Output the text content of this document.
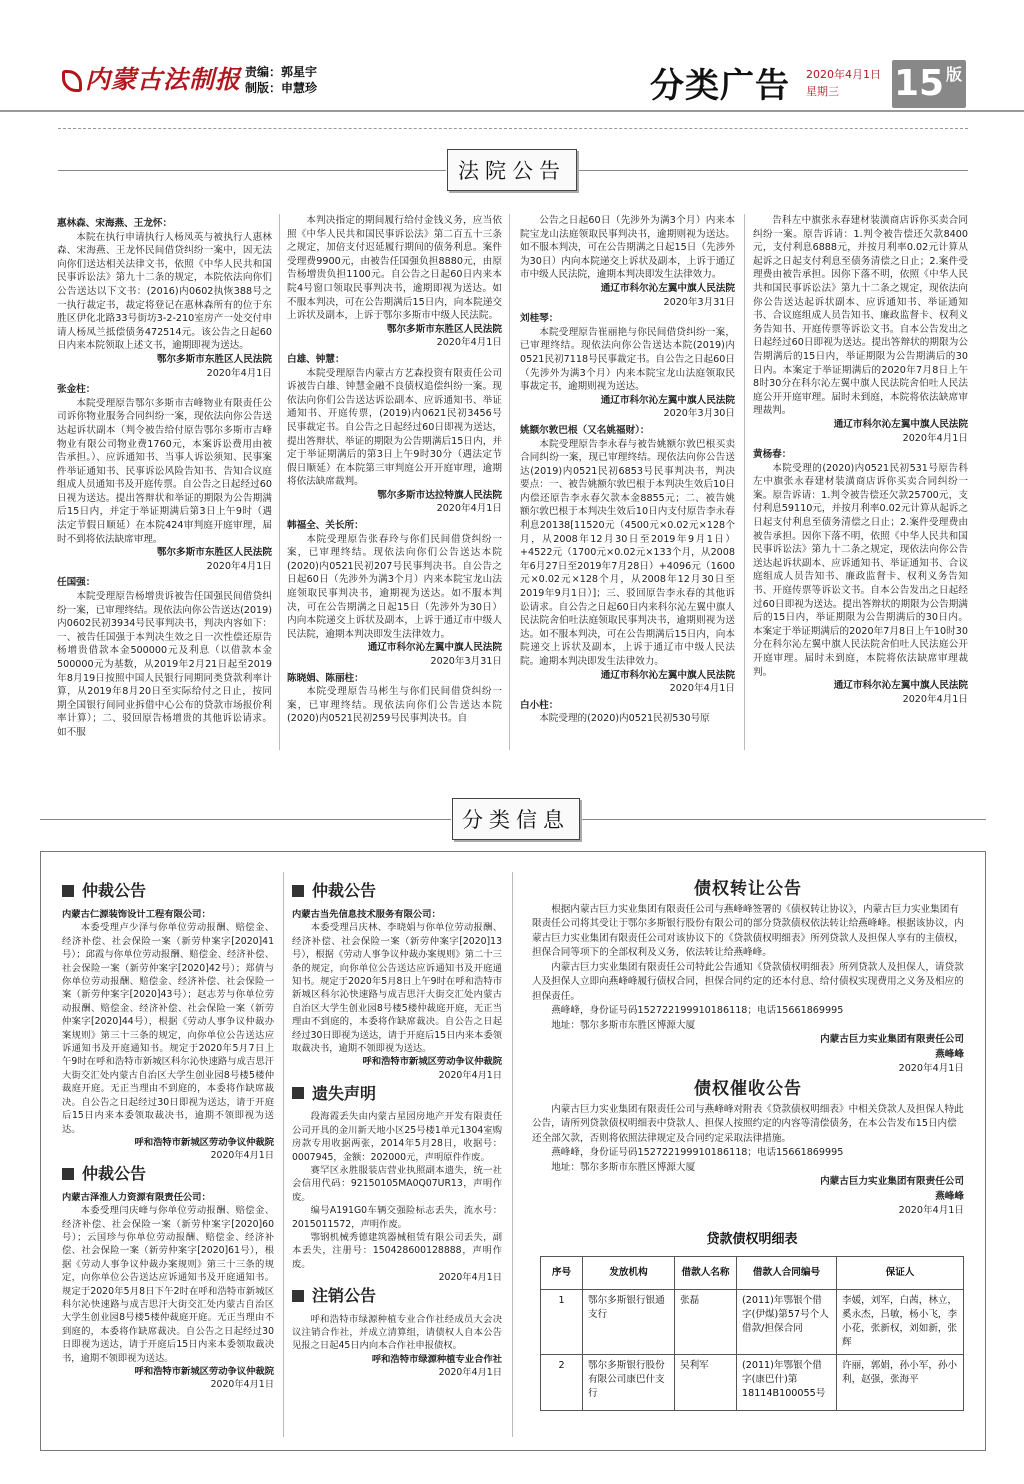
内蒙古法制报 责编：郭星宇
制版：申慧珍	分类广告 2020年4月1日
星期三	15 版
法院公告
惠林森、宋海燕、王龙怀：
本院在执行申请执行人杨凤英与被执行人惠林森、宋海燕、王龙怀民间借贷纠纷一案中，因无法向你们送达相关法律文书，依照《中华人民共和国民事诉讼法》第九十二条的规定，本院依法向你们公告送达以下文书：(2016)内0602执恢388号之一执行裁定书，裁定将登记在惠林森所有的位于东胜区伊化北路33号街坊3-2-210室房产一处交付申请人杨凤兰抵偿债务472514元。该公告之日起60日内来本院领取上述文书，逾期即视为送达。
鄂尔多斯市东胜区人民法院
2020年4月1日
张金柱：
本院受理原告鄂尔多斯市吉峰物业有限责任公司诉你物业服务合同纠纷一案，现依法向你公告送达起诉状副本（判令被告给付原告鄂尔多斯市吉峰物业有限公司物业费1760元，本案诉讼费用由被告承担。）、应诉通知书、当事人诉讼须知、民事案件举证通知书、民事诉讼风险告知书、告知合议庭组成人员通知书及开庭传票。自公告之日起经过60日视为送达。提出答辩状和举证的期限为公告期满后15日内，并定于举证期满后第3日上午9时（遇法定节假日顺延）在本院424审判庭开庭审理，届时不到将依法缺席审理。
鄂尔多斯市东胜区人民法院
2020年4月1日
任国强：
本院受理原告杨增贵诉被告任国强民间借贷纠纷一案，已审理终结。现依法向你公告送达(2019)内0602民初3934号民事判决书，判决内容如下：一、被告任国强于本判决生效之日一次性偿还原告杨增贵借款本金500000元及利息（以借款本金500000元为基数，从2019年2月21日起至2019年8月19日按照中国人民银行同期同类贷款利率计算，从2019年8月20日至实际给付之日止，按同期全国银行间同业拆借中心公布的贷款市场报价利率计算）；二、驳回原告杨增贵的其他诉讼请求。如不服
本判决指定的期间履行给付金钱义务，应当依照《中华人民共和国民事诉讼法》第二百五十三条之规定，加倍支付迟延履行期间的债务利息。案件受理费9900元，由被告任国强负担8880元，由原告杨增贵负担1100元。自公告之日起60日内来本院4号窗口领取民事判决书，逾期即视为送达。如不服本判决，可在公告期满后15日内，向本院递交上诉状及副本，上诉于鄂尔多斯市中级人民法院。
鄂尔多斯市东胜区人民法院
2020年4月1日
白雄、钟慧：
本院受理原告内蒙古方艺森投资有限责任公司诉被告白雄、钟慧金融不良债权追偿纠纷一案。现依法向你们公告送达诉讼副本、应诉通知书、举证通知书、开庭传票，(2019)内0621民初3456号民事裁定书。自公告之日起经过60日即视为送达，提出答辩状、举证的期限为公告期满后15日内，并定于举证期满后的第3日上午9时30分（遇法定节假日顺延）在本院第三审判庭公开开庭审理，逾期将依法缺席裁判。
鄂尔多斯市达拉特旗人民法院
2020年4月1日
韩福全、关长所：
本院受理原告张春玲与你们民间借贷纠纷一案，已审理终结。现依法向你们公告送达本院(2020)内0521民初207号民事判决书。自公告之日起60日（先涉外为满3个月）内来本院宝龙山法庭领取民事判决书，逾期视为送达。如不服本判决，可在公告期满之日起15日（先涉外为30日）内向本院递交上诉状及副本，上诉于通辽市中级人民法院，逾期本判决即发生法律效力。
通辽市科尔沁左翼中旗人民法院
2020年3月31日
陈晓娟、陈丽柱：
本院受理原告马彬生与你们民间借贷纠纷一案，已审理终结。现依法向你们公告送达本院(2020)内0521民初259号民事判决书。自
公告之日起60日（先涉外为满3个月）内来本院宝龙山法庭领取民事判决书，逾期则视为送达。如不服本判决，可在公告期满之日起15日（先涉外为30日）内向本院递交上诉状及副本，上诉于通辽市中级人民法院，逾期本判决即发生法律效力。
通辽市科尔沁左翼中旗人民法院
2020年3月31日
刘桂琴：
本院受理原告崔丽艳与你民间借贷纠纷一案，已审理终结。现依法向你公告送达本院(2019)内0521民初7118号民事裁定书。自公告之日起60日（先涉外为满3个月）内来本院宝龙山法庭领取民事裁定书，逾期则视为送达。
通辽市科尔沁左翼中旗人民法院
2020年3月30日
姚额尔敦巴根（又名姚福财）：
本院受理原告李永春与被告姚额尔敦巴根买卖合同纠纷一案，现已审理终结。现依法向你公告送达(2019)内0521民初6853号民事判决书，判决要点：一、被告姚额尔敦巴根于本判决生效后10日内偿还原告李永春欠款本金8855元；二、被告姚额尔敦巴根于本判决生效后10日内支付原告李永春利息20138[11520元（4500元×0.02元×128个月，从2008年12月30日至2019年9月1日）+4522元（1700元×0.02元×133个月，从2008年6月27日至2019年7月28日）+4096元（1600元×0.02元×128个月，从2008年12月30日至2019年9月1日）]；三、驳回原告李永春的其他诉讼请求。自公告之日起60日内来科尔沁左翼中旗人民法院舍伯吐法庭领取民事判决书，逾期则视为送达。如不服本判决，可在公告期满后15日内，向本院递交上诉状及副本，上诉于通辽市中级人民法院。逾期本判决即发生法律效力。
通辽市科尔沁左翼中旗人民法院
2020年4月1日
白小柱：
本院受理的(2020)内0521民初530号原
告科左中旗张永春建材装潢商店诉你买卖合同纠纷一案。原告诉请：1.判令被告偿还欠款8400元，支付利息6888元，并按月利率0.02元计算从起诉之日起支付利息至债务清偿之日止；2.案件受理费由被告承担。因你下落不明，依照《中华人民共和国民事诉讼法》第九十二条之规定，现依法向你公告送达起诉状副本、应诉通知书、举证通知书、合议庭组成人员告知书、廉政监督卡、权利义务告知书、开庭传票等诉讼文书。自本公告发出之日起经过60日即视为送达。提出答辩状的期限为公告期满后的15日内，举证期限为公告期满后的30日内。本案定于举证期满后的2020年7月8日上午8时30分在科尔沁左翼中旗人民法院舍伯吐人民法庭公开开庭审理。届时未到庭，本院将依法缺席审理裁判。
通辽市科尔沁左翼中旗人民法院
2020年4月1日
黄杨春：
本院受理的(2020)内0521民初531号原告科左中旗张永春建材装潢商店诉你买卖合同纠纷一案。原告诉请：1.判令被告偿还欠款25700元，支付利息59110元，并按月利率0.02元计算从起诉之日起支付利息至债务清偿之日止；2.案件受理费由被告承担。因你下落不明，依照《中华人民共和国民事诉讼法》第九十二条之规定，现依法向你公告送达起诉状副本、应诉通知书、举证通知书、合议庭组成人员告知书、廉政监督卡、权利义务告知书、开庭传票等诉讼文书。自本公告发出之日起经过60日即视为送达。提出答辩状的期限为公告期满后的15日内，举证期限为公告期满后的30日内。本案定于举证期满后的2020年7月8日上午10时30分在科尔沁左翼中旗人民法院舍伯吐人民法庭公开开庭审理。届时未到庭，本院将依法缺席审理裁判。
通辽市科尔沁左翼中旗人民法院
2020年4月1日
分类信息
仲裁公告
内蒙古仁源装饰设计工程有限公司：
本委受理卢少泽与你单位劳动报酬、赔偿金、经济补偿、社会保险一案（新劳仲案字[2020]41号）；邱霞与你单位劳动报酬、赔偿金、经济补偿、社会保险一案（新劳仲案字[2020]42号）；郑倩与你单位劳动报酬、赔偿金、经济补偿、社会保险一案（新劳仲案字[2020]43号）；赵志芳与你单位劳动报酬、赔偿金、经济补偿、社会保险一案（新劳仲案字[2020]44号），根据《劳动人事争议仲裁办案规则》第三十三条的规定，向你单位公告送达应诉通知书及开庭通知书。规定于2020年5月7日上午9时在呼和浩特市新城区科尔沁快速路与成吉思汗大街交汇处内蒙古自治区大学生创业园8号楼5楼仲裁庭开庭。无正当理由不到庭的，本委将作缺席裁决。自公告之日起经过30日即视为送达，请于开庭后15日内来本委领取裁决书，逾期不领即视为送达。
呼和浩特市新城区劳动争议仲裁院
2020年4月1日
仲裁公告
内蒙古泽淮人力资源有限责任公司：
本委受理闫庆峰与你单位劳动报酬、赔偿金、经济补偿、社会保险一案（新劳仲案字[2020]60号）；云国珍与你单位劳动报酬、赔偿金、经济补偿、社会保险一案（新劳仲案字[2020]61号），根据《劳动人事争议仲裁办案规则》第三十三条的规定，向你单位公告送达应诉通知书及开庭通知书。规定于2020年5月8日下午2时在呼和浩特市新城区科尔沁快速路与成吉思汗大街交汇处内蒙古自治区大学生创业园8号楼5楼仲裁庭开庭。无正当理由不到庭的，本委将作缺席裁决。自公告之日起经过30日即视为送达，请于开庭后15日内来本委领取裁决书，逾期不领即视为送达。
呼和浩特市新城区劳动争议仲裁院
2020年4月1日
仲裁公告
内蒙古当先信息技术服务有限公司：
本委受理吕庆林、李晓娟与你单位劳动报酬、经济补偿、社会保险一案（新劳仲案字[2020]13号），根据《劳动人事争议仲裁办案规则》第二十三条的规定，向你单位公告送达应诉通知书及开庭通知书。规定于2020年5月8日上午9时在呼和浩特市新城区科尔沁快速路与成吉思汗大街交汇处内蒙古自治区大学生创业园8号楼5楼仲裁庭开庭，无正当理由不到庭的，本委将作缺席裁决。自公告之日起经过30日即视为送达，请于开庭后15日内来本委领取裁决书，逾期不领即视为送达。
呼和浩特市新城区劳动争议仲裁院
2020年4月1日
遗失声明
段海霞丢失由内蒙古星园房地产开发有限责任公司开具的金川新天地小区25号楼1单元1304室购房款专用收据两张，2014年5月28日，收据号：0007945，金额：202000元，声明原件作废。
赛罕区永胜服装店营业执照副本遗失，统一社会信用代码：92150105MA0Q07UR13，声明作废。
编号A191G0车辆交强险标志丢失，流水号：2015011572，声明作废。
鄂钢机械秀德建筑器械租赁有限公司丢失，副本丢失，注册号：150428600128888，声明作废。
2020年4月1日
注销公告
呼和浩特市绿源种植专业合作社经成员大会决议注销合作社，并成立清算组，请债权人自本公告见报之日起45日内向本合作社申报债权。
呼和浩特市绿源种植专业合作社
2020年4月1日
债权转让公告
根据内蒙古巨力实业集团有限责任公司与燕峰峰签署的《债权转让协议》，内蒙古巨力实业集团有限责任公司将其受让于鄂尔多斯银行股份有限公司的部分贷款债权依法转让给燕峰峰。根据该协议，内蒙古巨力实业集团有限责任公司对该协议下的《贷款债权明细表》所列贷款人及担保人享有的主债权，担保合同等项下的全部权利及义务，依法转让给燕峰峰。
内蒙古巨力实业集团有限责任公司特此公告通知《贷款债权明细表》所列贷款人及担保人，请贷款人及担保人立即向燕峰峰履行债权合同，担保合同约定的还本付息、给付债权实现费用之义务及相应的担保责任。
燕峰峰，身份证号码152722199910186118；电话15661869995
地址：鄂尔多斯市东胜区博源大厦
内蒙古巨力实业集团有限责任公司
燕峰峰
2020年4月1日
债权催收公告
内蒙古巨力实业集团有限责任公司与燕峰峰对附表《贷款债权明细表》中相关贷款人及担保人特此公告，请所列贷款债权明细表中贷款人、担保人按照约定的内容等清偿债务，在本公告发布15日内偿还全部欠款，否则将依照法律规定及合同约定采取法律措施。
燕峰峰，身份证号码152722199910186118；电话15661869995
地址：鄂尔多斯市东胜区博源大厦
内蒙古巨力实业集团有限责任公司
燕峰峰
2020年4月1日
贷款债权明细表
序号	发放机构	借款人名称	借款人合同编号	保证人
1	鄂尔多斯银行银通支行	张磊	(2011)年鄂银个借字(伊煤)第57号个人借款/担保合同	李媛，刘军，白茜，林立，奚永杰，吕敏，杨小飞，李小花，张新权，刘如新，张辉
2	鄂尔多斯银行股份有限公司康巴什支行	吴利军	(2011)年鄂银个借字(康巴什)第18114B100055号	许丽，郭娟，孙小军，孙小利，赵强，张海平
